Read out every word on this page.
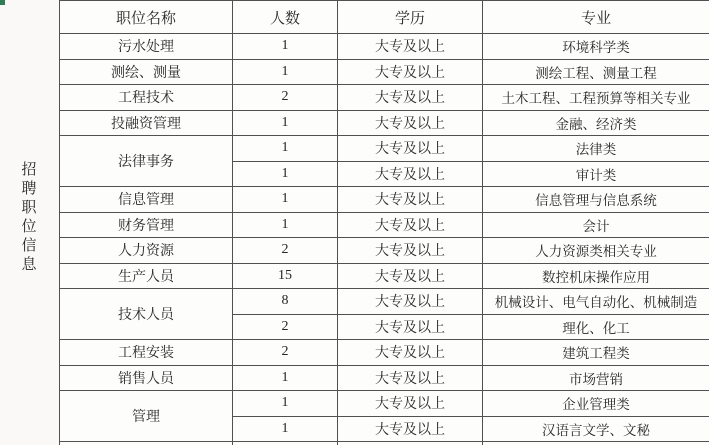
招聘职位信息
职位名称	人数	学历	专业
污水处理	1	大专及以上	环境科学类
测绘、测量	1	大专及以上	测绘工程、测量工程
工程技术	2	大专及以上	土木工程、工程预算等相关专业
投融资管理	1	大专及以上	金融、经济类
法律事务	1	大专及以上	法律类
	1	大专及以上	审计类
信息管理	1	大专及以上	信息管理与信息系统
财务管理	1	大专及以上	会计
人力资源	2	大专及以上	人力资源类相关专业
生产人员	15	大专及以上	数控机床操作应用
技术人员	8	大专及以上	机械设计、电气自动化、机械制造
	2	大专及以上	理化、化工
工程安装	2	大专及以上	建筑工程类
销售人员	1	大专及以上	市场营销
管理	1	大专及以上	企业管理类
	1	大专及以上	汉语言文学、文秘
